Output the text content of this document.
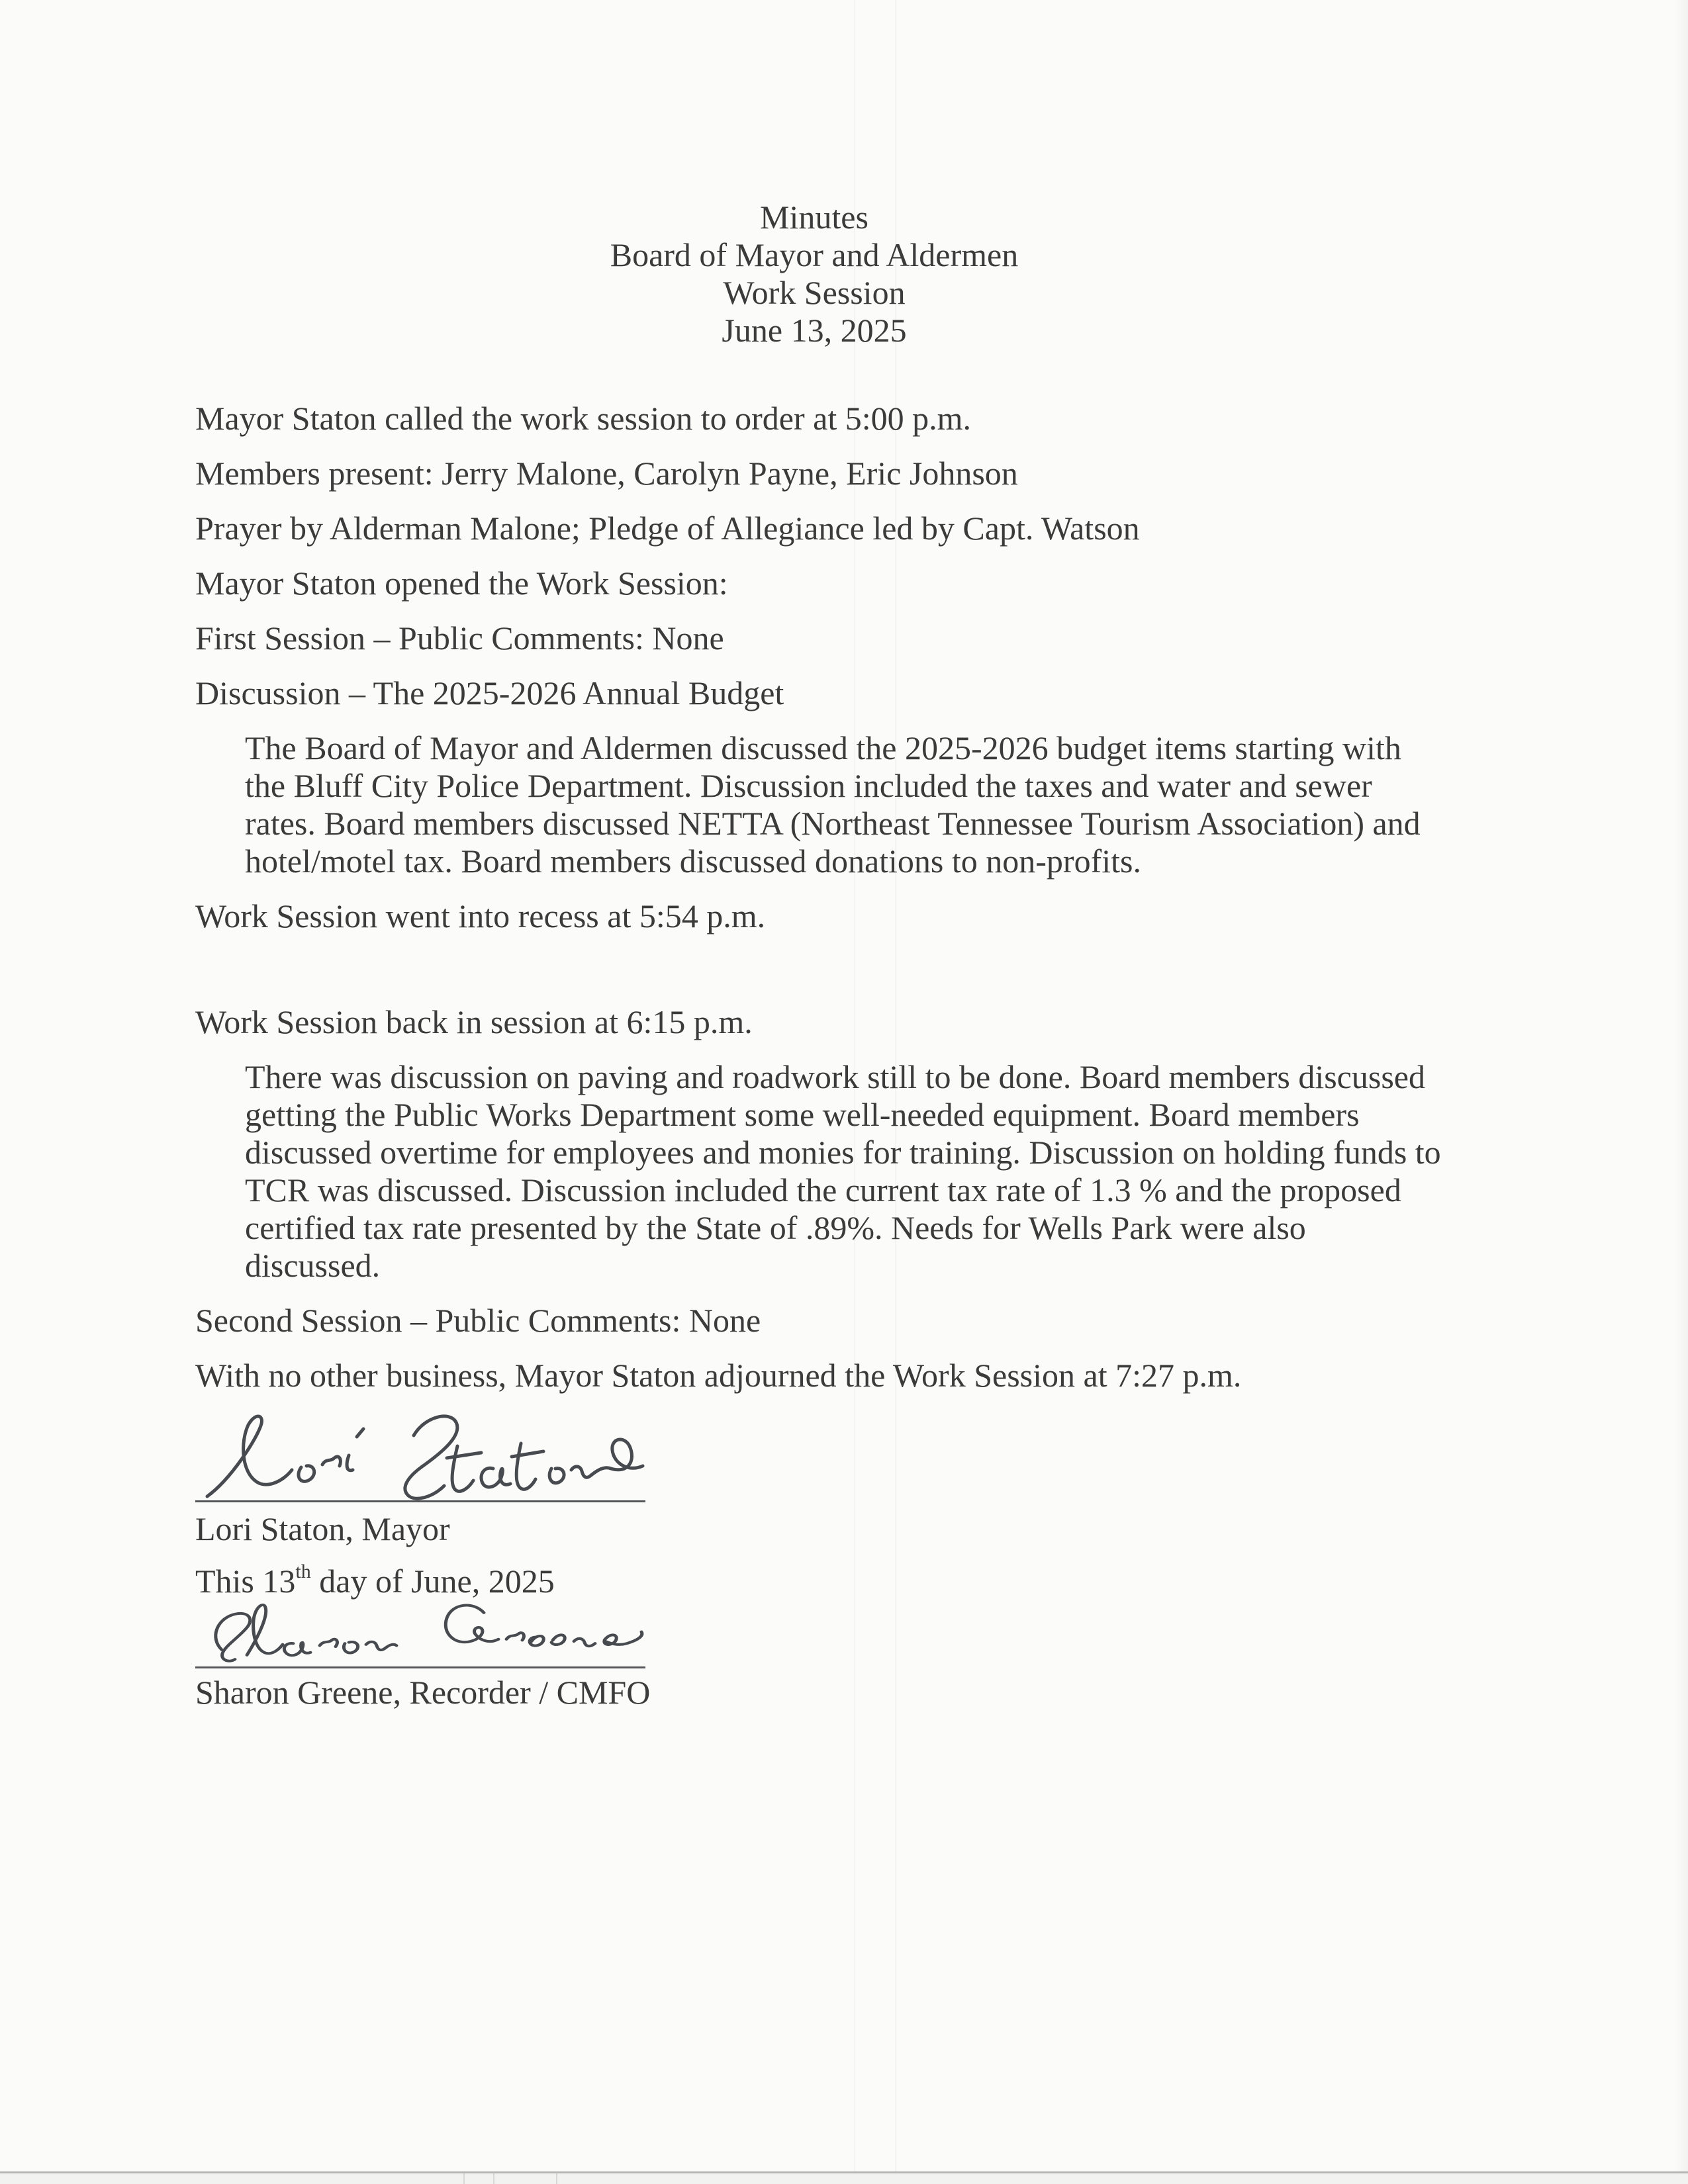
Minutes
Board of Mayor and Aldermen
Work Session
June 13, 2025
Mayor Staton called the work session to order at 5:00 p.m.
Members present: Jerry Malone, Carolyn Payne, Eric Johnson
Prayer by Alderman Malone; Pledge of Allegiance led by Capt. Watson
Mayor Staton opened the Work Session:
First Session – Public Comments: None
Discussion – The 2025-2026 Annual Budget
The Board of Mayor and Aldermen discussed the 2025-2026 budget items starting with
the Bluff City Police Department. Discussion included the taxes and water and sewer
rates. Board members discussed NETTA (Northeast Tennessee Tourism Association) and
hotel/motel tax. Board members discussed donations to non-profits.
Work Session went into recess at 5:54 p.m.
Work Session back in session at 6:15 p.m.
There was discussion on paving and roadwork still to be done. Board members discussed
getting the Public Works Department some well-needed equipment. Board members
discussed overtime for employees and monies for training. Discussion on holding funds to
TCR was discussed. Discussion included the current tax rate of 1.3 % and the proposed
certified tax rate presented by the State of .89%. Needs for Wells Park were also
discussed.
Second Session – Public Comments: None
With no other business, Mayor Staton adjourned the Work Session at 7:27 p.m.
Lori Staton, Mayor
This 13th day of June, 2025
Sharon Greene, Recorder / CMFO
